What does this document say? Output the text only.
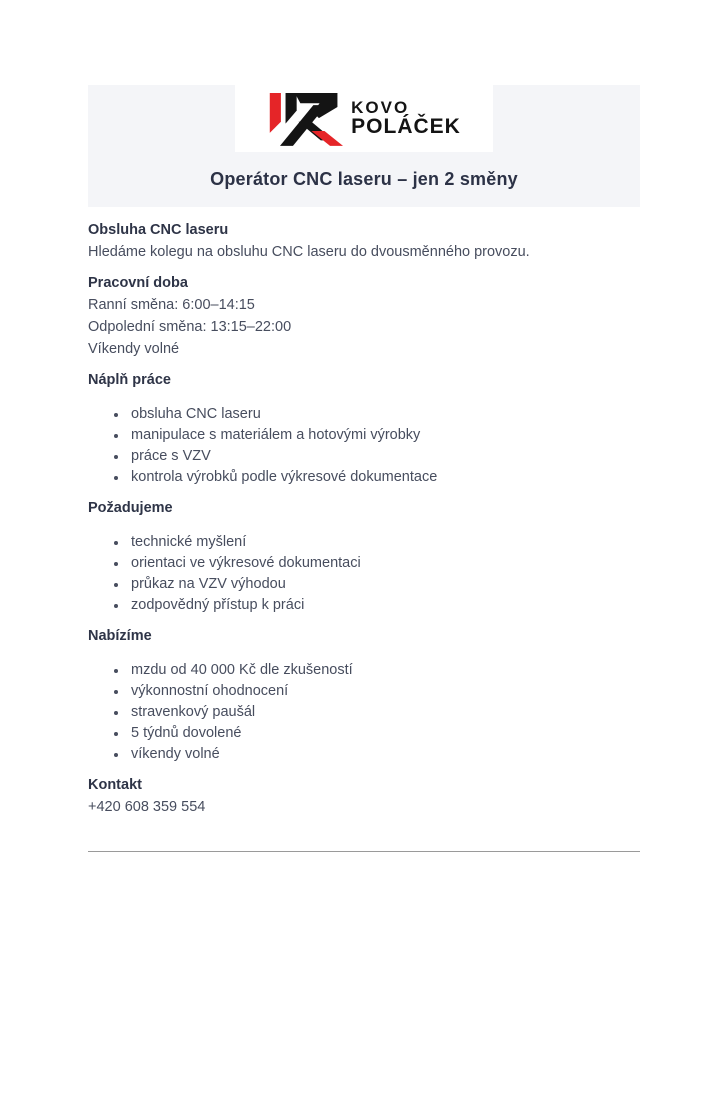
KOVO
POLÁČEK
Operátor CNC laseru – jen 2 směny
Obsluha CNC laseru

Hledáme kolegu na obsluhu CNC laseru do dvousměnného provozu.

Pracovní doba

Ranní směna: 6:00–14:15

Odpolední směna: 13:15–22:00

Víkendy volné

Náplň práce
obsluha CNC laseru
manipulace s materiálem a hotovými výrobky
práce s VZV
kontrola výrobků podle výkresové dokumentace
Požadujeme
technické myšlení
orientaci ve výkresové dokumentaci
průkaz na VZV výhodou
zodpovědný přístup k práci
Nabízíme
mzdu od 40 000 Kč dle zkušeností
výkonnostní ohodnocení
stravenkový paušál
5 týdnů dovolené
víkendy volné
Kontakt

+420 608 359 554
